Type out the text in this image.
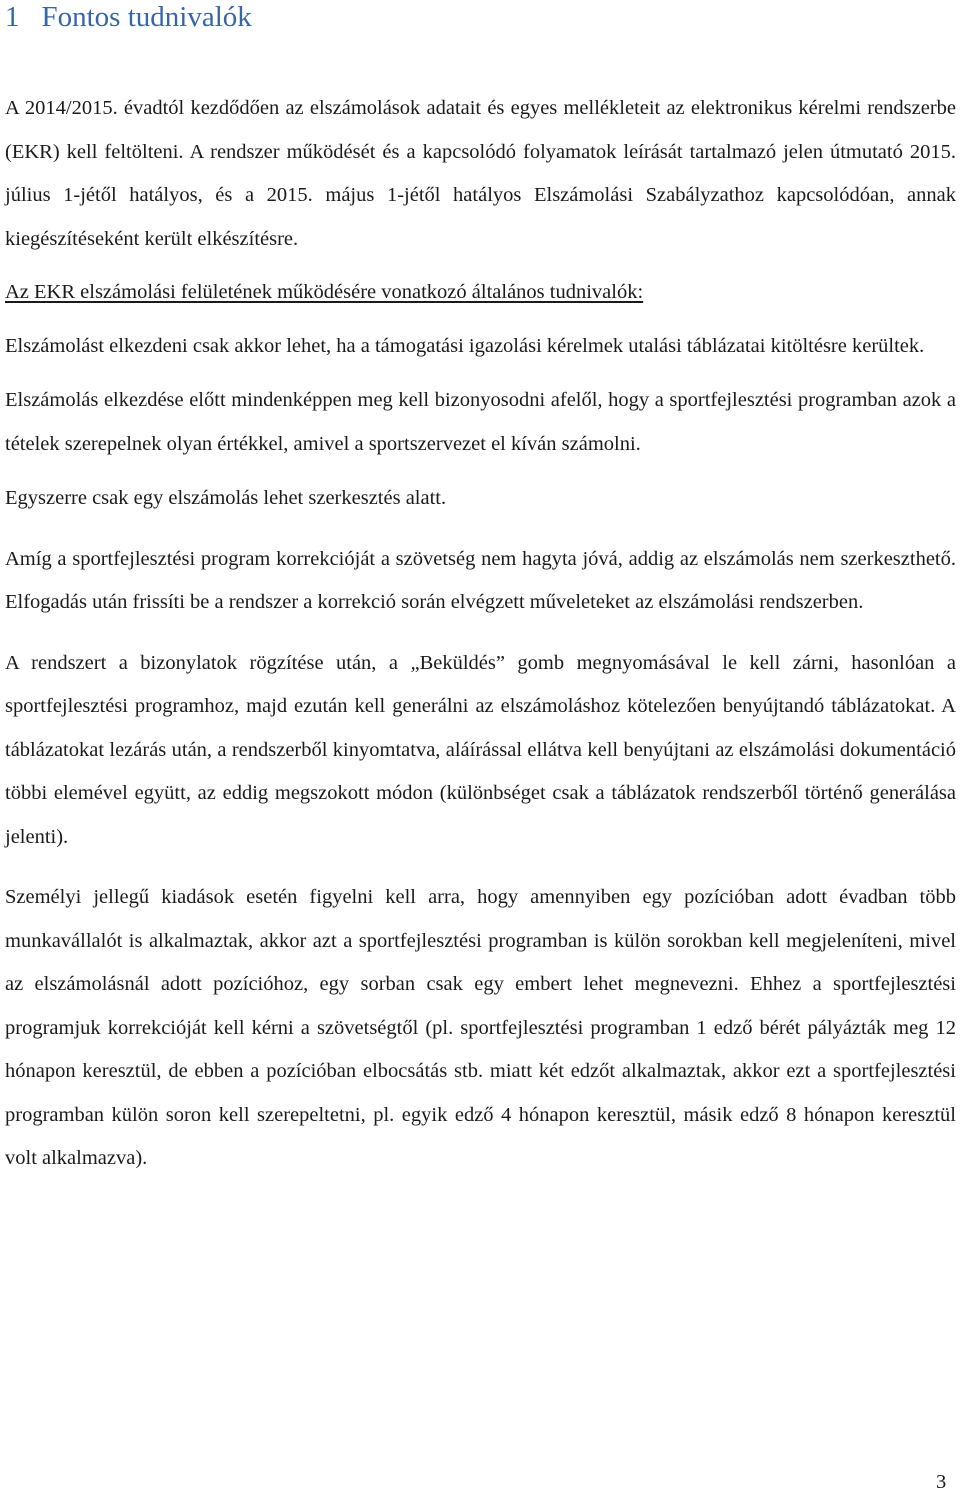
1 Fontos tudnivalók

A 2014/2015. évadtól kezdődően az elszámolások adatait és egyes mellékleteit az elektronikus kérelmi rendszerbe (EKR) kell feltölteni. A rendszer működését és a kapcsolódó folyamatok leírását tartalmazó jelen útmutató 2015. július 1-jétől hatályos, és a 2015. május 1-jétől hatályos Elszámolási Szabályzathoz kapcsolódóan, annak kiegészítéseként került elkészítésre.

Az EKR elszámolási felületének működésére vonatkozó általános tudnivalók:

Elszámolást elkezdeni csak akkor lehet, ha a támogatási igazolási kérelmek utalási táblázatai kitöltésre kerültek.

Elszámolás elkezdése előtt mindenképpen meg kell bizonyosodni afelől, hogy a sportfejlesztési programban azok a tételek szerepelnek olyan értékkel, amivel a sportszervezet el kíván számolni.

Egyszerre csak egy elszámolás lehet szerkesztés alatt.

Amíg a sportfejlesztési program korrekcióját a szövetség nem hagyta jóvá, addig az elszámolás nem szerkeszthető. Elfogadás után frissíti be a rendszer a korrekció során elvégzett műveleteket az elszámolási rendszerben.

A rendszert a bizonylatok rögzítése után, a „Beküldés” gomb megnyomásával le kell zárni, hasonlóan a sportfejlesztési programhoz, majd ezután kell generálni az elszámoláshoz kötelezően benyújtandó táblázatokat. A táblázatokat lezárás után, a rendszerből kinyomtatva, aláírással ellátva kell benyújtani az elszámolási dokumentáció többi elemével együtt, az eddig megszokott módon (különbséget csak a táblázatok rendszerből történő generálása jelenti).

Személyi jellegű kiadások esetén figyelni kell arra, hogy amennyiben egy pozícióban adott évadban több munkavállalót is alkalmaztak, akkor azt a sportfejlesztési programban is külön sorokban kell megjeleníteni, mivel az elszámolásnál adott pozícióhoz, egy sorban csak egy embert lehet megnevezni. Ehhez a sportfejlesztési programjuk korrekcióját kell kérni a szövetségtől (pl. sportfejlesztési programban 1 edző bérét pályázták meg 12 hónapon keresztül, de ebben a pozícióban elbocsátás stb. miatt két edzőt alkalmaztak, akkor ezt a sportfejlesztési programban külön soron kell szerepeltetni, pl. egyik edző 4 hónapon keresztül, másik edző 8 hónapon keresztül volt alkalmazva).

3
